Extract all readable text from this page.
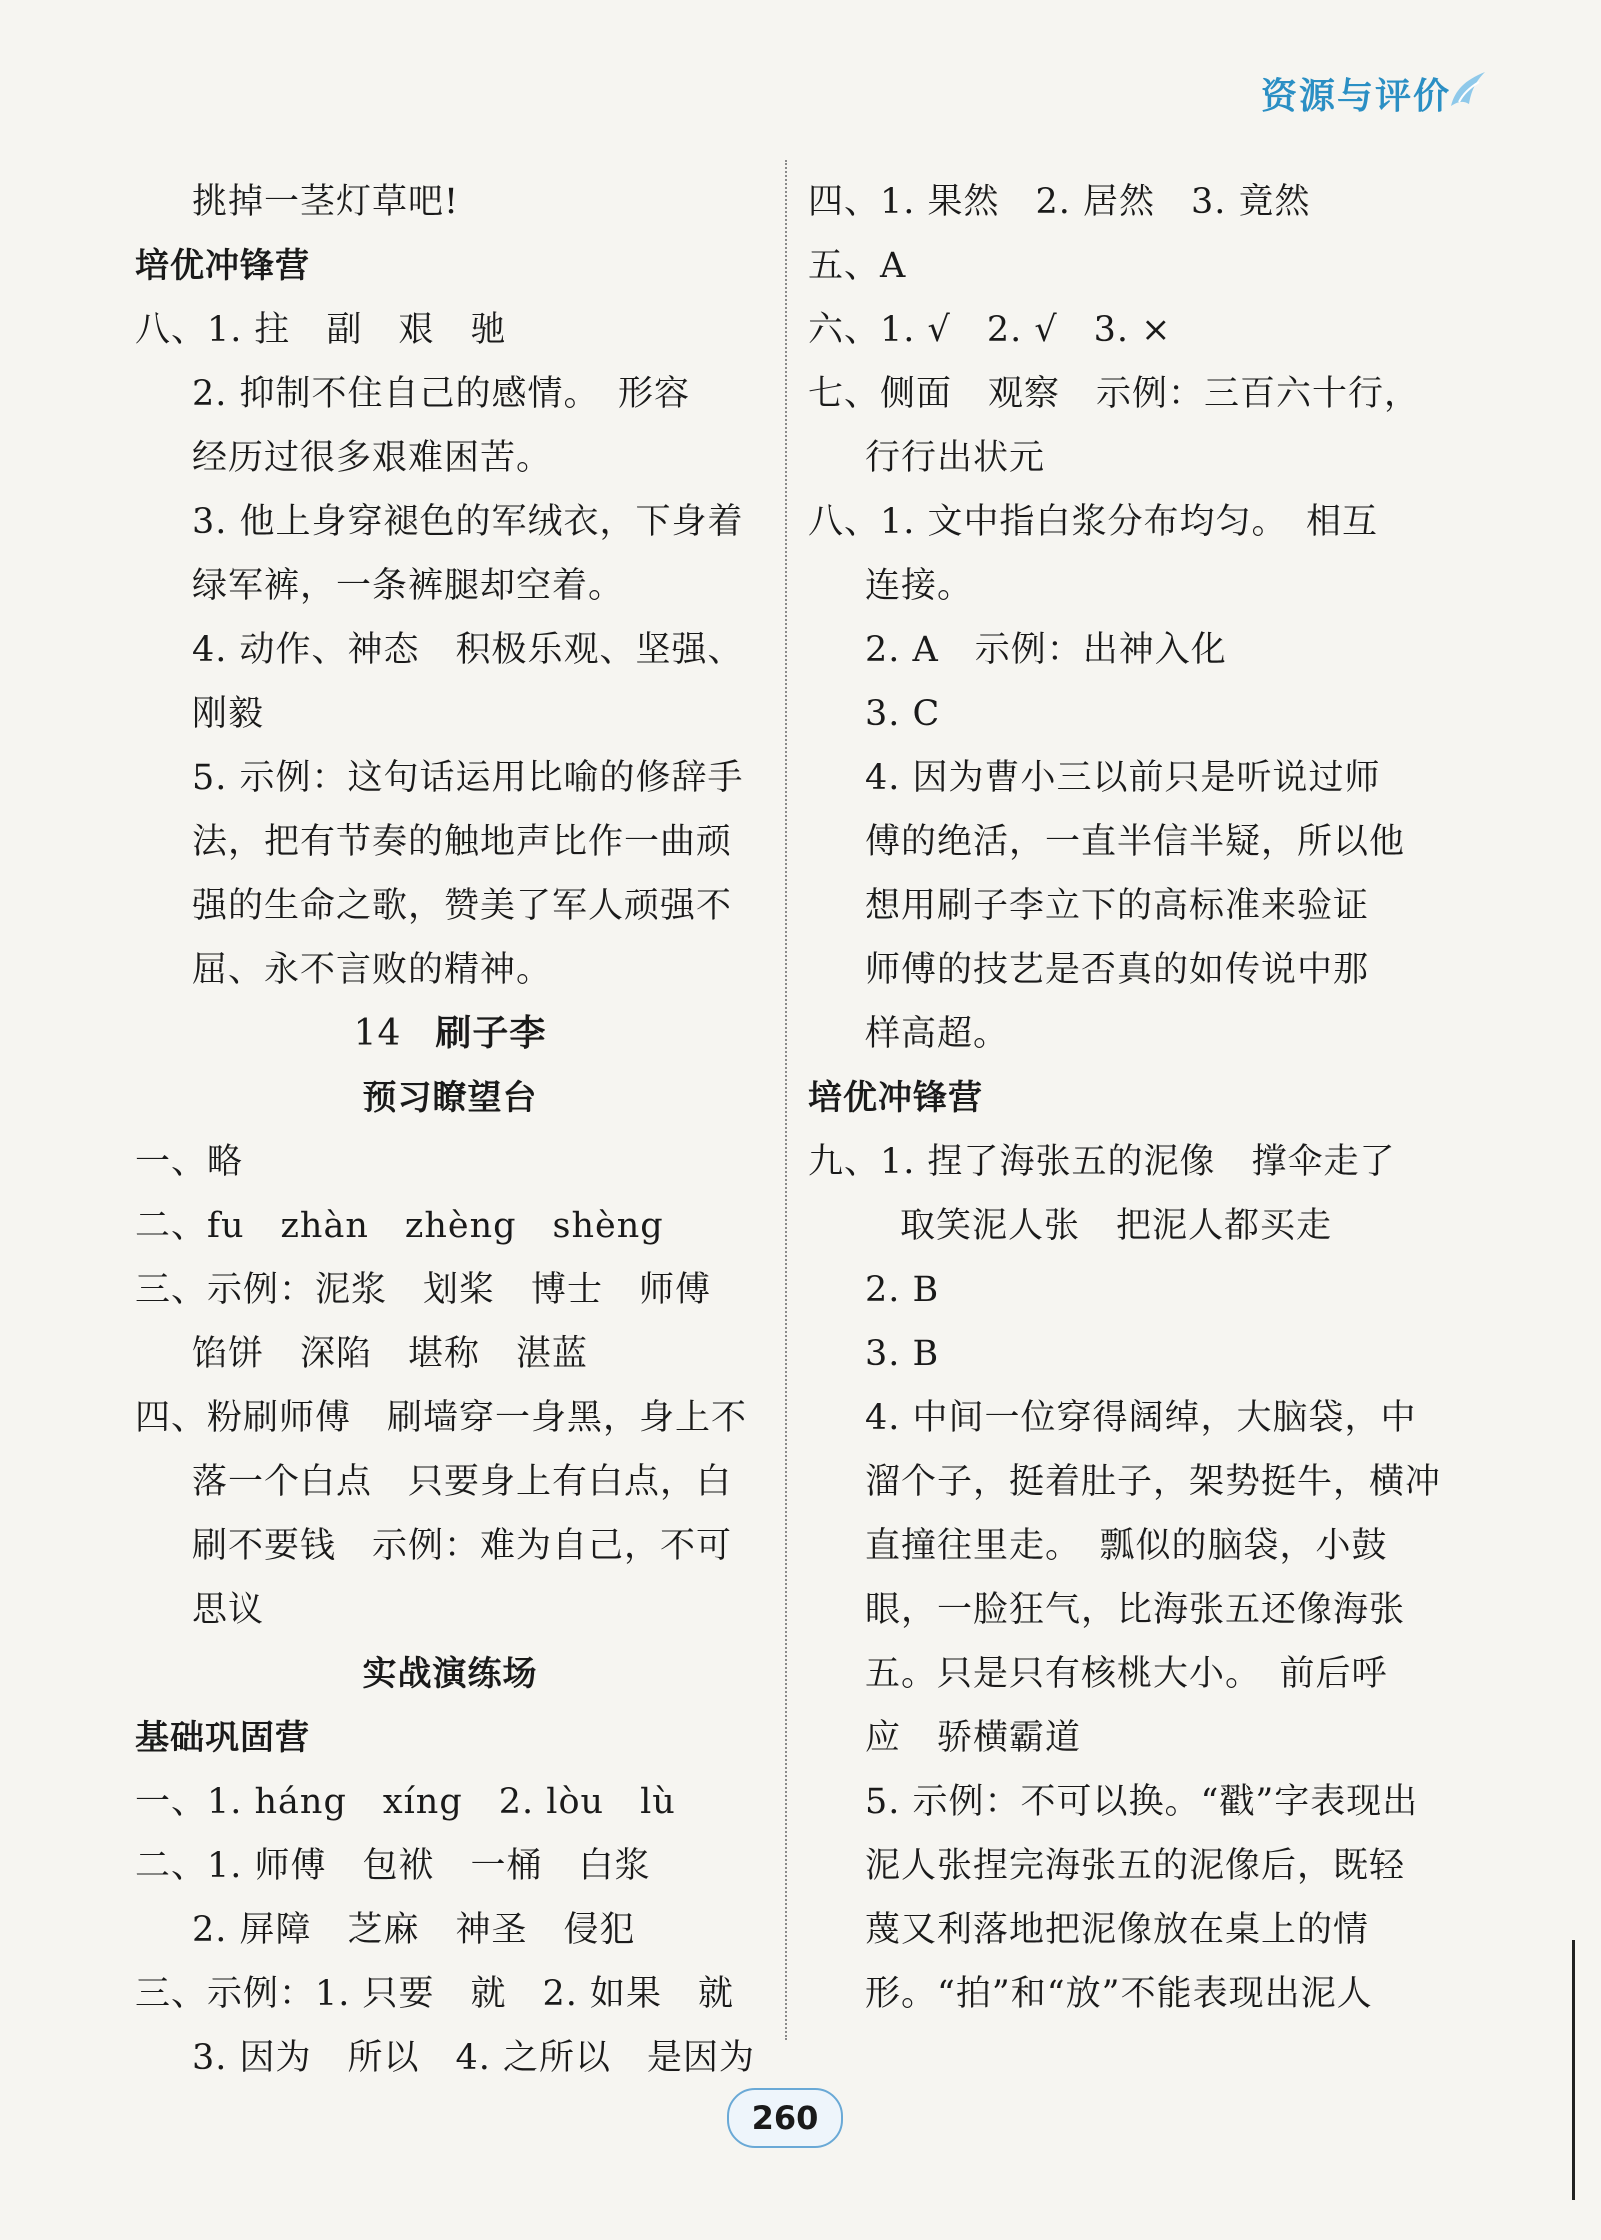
资源与评价
挑掉一茎灯草吧!
培优冲锋营
八、1. 拄　副　艰　驰
2. 抑制不住自己的感情。　形容
经历过很多艰难困苦。
3. 他上身穿褪色的军绒衣，下身着
绿军裤，一条裤腿却空着。
4. 动作、神态　积极乐观、坚强、
刚毅
5. 示例：这句话运用比喻的修辞手
法，把有节奏的触地声比作一曲顽
强的生命之歌，赞美了军人顽强不
屈、永不言败的精神。
14 刷子李
预习瞭望台
一、略
二、fu　zhàn　zhèng　shèng
三、示例：泥浆　划桨　博士　师傅
馅饼　深陷　堪称　湛蓝
四、粉刷师傅　刷墙穿一身黑，身上不
落一个白点　只要身上有白点，白
刷不要钱　示例：难为自己，不可
思议
实战演练场
基础巩固营
一、1. háng　xíng　2. lòu　lù
二、1. 师傅　包袱　一桶　白浆
2. 屏障　芝麻　神圣　侵犯
三、示例：1. 只要　就　2. 如果　就
3. 因为　所以　4. 之所以　是因为
四、1. 果然　2. 居然　3. 竟然
五、A
六、1. √　2. √　3. ×
七、侧面　观察　示例：三百六十行，
行行出状元
八、1. 文中指白浆分布均匀。　相互
连接。
2. A　示例：出神入化
3. C
4. 因为曹小三以前只是听说过师
傅的绝活，一直半信半疑，所以他
想用刷子李立下的高标准来验证
师傅的技艺是否真的如传说中那
样高超。
培优冲锋营
九、1. 捏了海张五的泥像　撑伞走了
取笑泥人张　把泥人都买走
2. B
3. B
4. 中间一位穿得阔绰，大脑袋，中
溜个子，挺着肚子，架势挺牛，横冲
直撞往里走。　瓢似的脑袋，小鼓
眼，一脸狂气，比海张五还像海张
五。只是只有核桃大小。　前后呼
应　骄横霸道
5. 示例：不可以换。“戳”字表现出
泥人张捏完海张五的泥像后，既轻
蔑又利落地把泥像放在桌上的情
形。“拍”和“放”不能表现出泥人
260
